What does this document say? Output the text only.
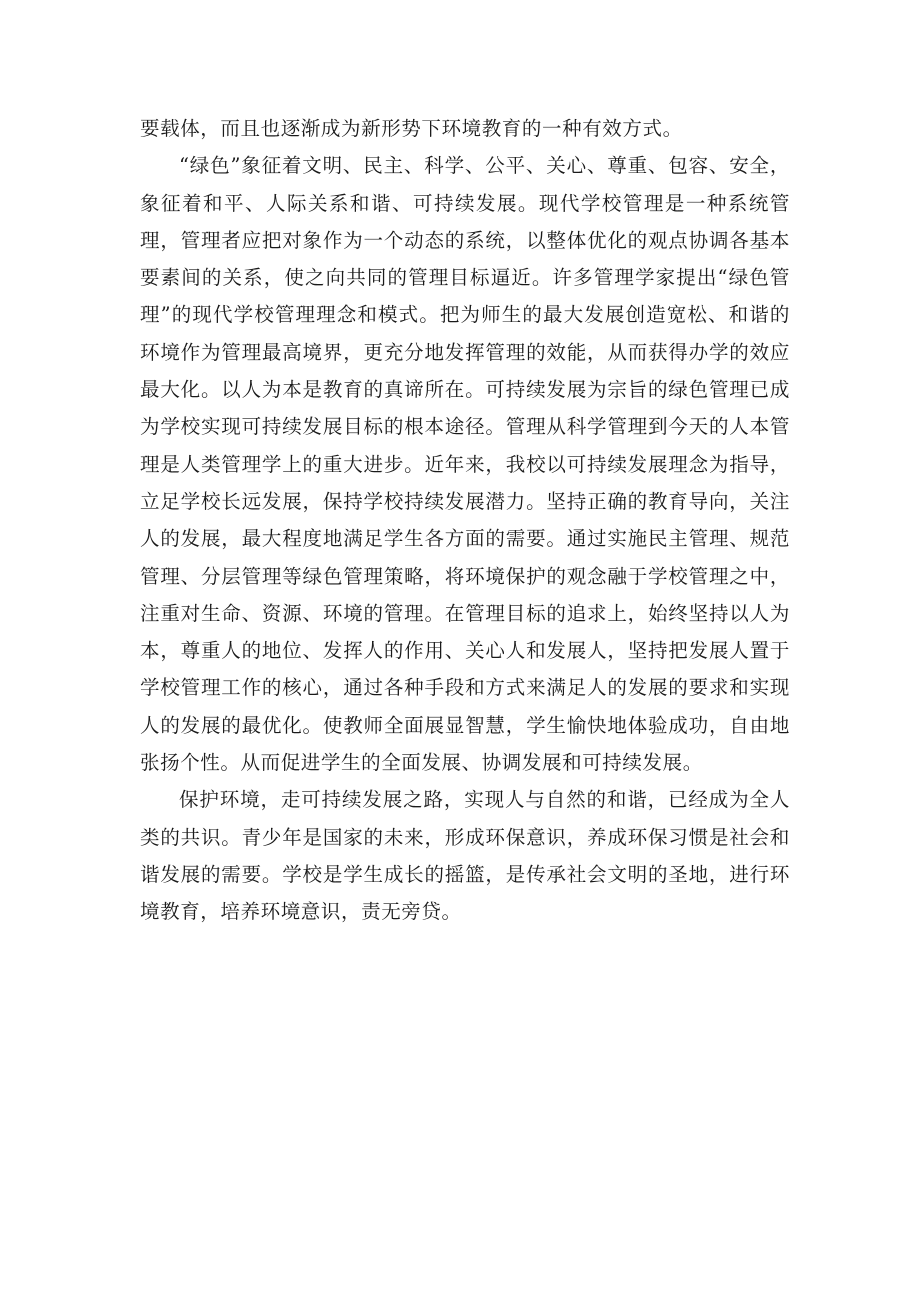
要载体，而且也逐渐成为新形势下环境教育的一种有效方式。

“绿色”象征着文明、民主、科学、公平、关心、尊重、包容、安全，象征着和平、人际关系和谐、可持续发展。现代学校管理是一种系统管理，管理者应把对象作为一个动态的系统，以整体优化的观点协调各基本要素间的关系，使之向共同的管理目标逼近。许多管理学家提出“绿色管理”的现代学校管理理念和模式。把为师生的最大发展创造宽松、和谐的环境作为管理最高境界，更充分地发挥管理的效能，从而获得办学的效应最大化。以人为本是教育的真谛所在。可持续发展为宗旨的绿色管理已成为学校实现可持续发展目标的根本途径。管理从科学管理到今天的人本管理是人类管理学上的重大进步。近年来，我校以可持续发展理念为指导，立足学校长远发展，保持学校持续发展潜力。坚持正确的教育导向，关注人的发展，最大程度地满足学生各方面的需要。通过实施民主管理、规范管理、分层管理等绿色管理策略，将环境保护的观念融于学校管理之中，注重对生命、资源、环境的管理。在管理目标的追求上，始终坚持以人为本，尊重人的地位、发挥人的作用、关心人和发展人，坚持把发展人置于学校管理工作的核心，通过各种手段和方式来满足人的发展的要求和实现人的发展的最优化。使教师全面展显智慧，学生愉快地体验成功，自由地张扬个性。从而促进学生的全面发展、协调发展和可持续发展。

保护环境，走可持续发展之路，实现人与自然的和谐，已经成为全人类的共识。青少年是国家的未来，形成环保意识，养成环保习惯是社会和谐发展的需要。学校是学生成长的摇篮，是传承社会文明的圣地，进行环境教育，培养环境意识，责无旁贷。
